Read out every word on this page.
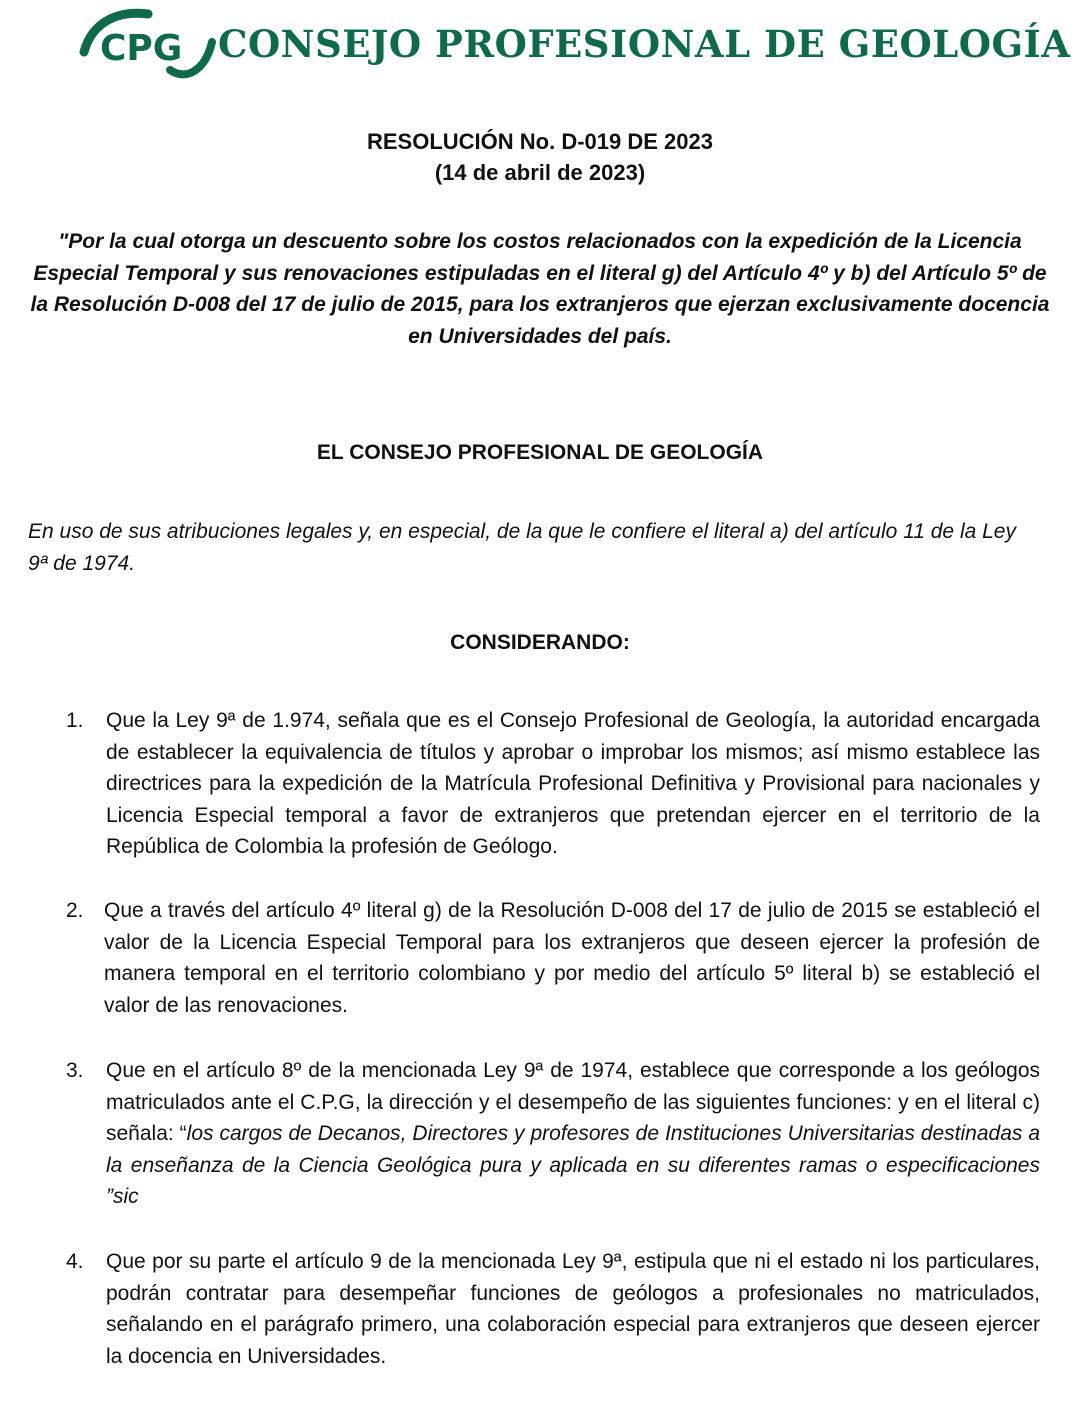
CPG CONSEJO PROFESIONAL DE GEOLOGÍA
RESOLUCIÓN No. D-019 DE 2023
(14 de abril de 2023)
"Por la cual otorga un descuento sobre los costos relacionados con la expedición de la Licencia Especial Temporal y sus renovaciones estipuladas en el literal g) del Artículo 4º y b) del Artículo 5º de la Resolución D-008 del 17 de julio de 2015, para los extranjeros que ejerzan exclusivamente docencia en Universidades del país.
EL CONSEJO PROFESIONAL DE GEOLOGÍA
En uso de sus atribuciones legales y, en especial, de la que le confiere el literal a) del artículo 11 de la Ley 9ª de 1974.
CONSIDERANDO:
1. Que la Ley 9ª de 1.974, señala que es el Consejo Profesional de Geología, la autoridad encargada de establecer la equivalencia de títulos y aprobar o improbar los mismos; así mismo establece las directrices para la expedición de la Matrícula Profesional Definitiva y Provisional para nacionales y Licencia Especial temporal a favor de extranjeros que pretendan ejercer en el territorio de la República de Colombia la profesión de Geólogo.
2. Que a través del artículo 4º literal g) de la Resolución D-008 del 17 de julio de 2015 se estableció el valor de la Licencia Especial Temporal para los extranjeros que deseen ejercer la profesión de manera temporal en el territorio colombiano y por medio del artículo 5º literal b) se estableció el valor de las renovaciones.
3. Que en el artículo 8º de la mencionada Ley 9ª de 1974, establece que corresponde a los geólogos matriculados ante el C.P.G, la dirección y el desempeño de las siguientes funciones: y en el literal c) señala: “los cargos de Decanos, Directores y profesores de Instituciones Universitarias destinadas a la enseñanza de la Ciencia Geológica pura y aplicada en su diferentes ramas o especificaciones ”sic
4. Que por su parte el artículo 9 de la mencionada Ley 9ª, estipula que ni el estado ni los particulares, podrán contratar para desempeñar funciones de geólogos a profesionales no matriculados, señalando en el parágrafo primero, una colaboración especial para extranjeros que deseen ejercer la docencia en Universidades.
